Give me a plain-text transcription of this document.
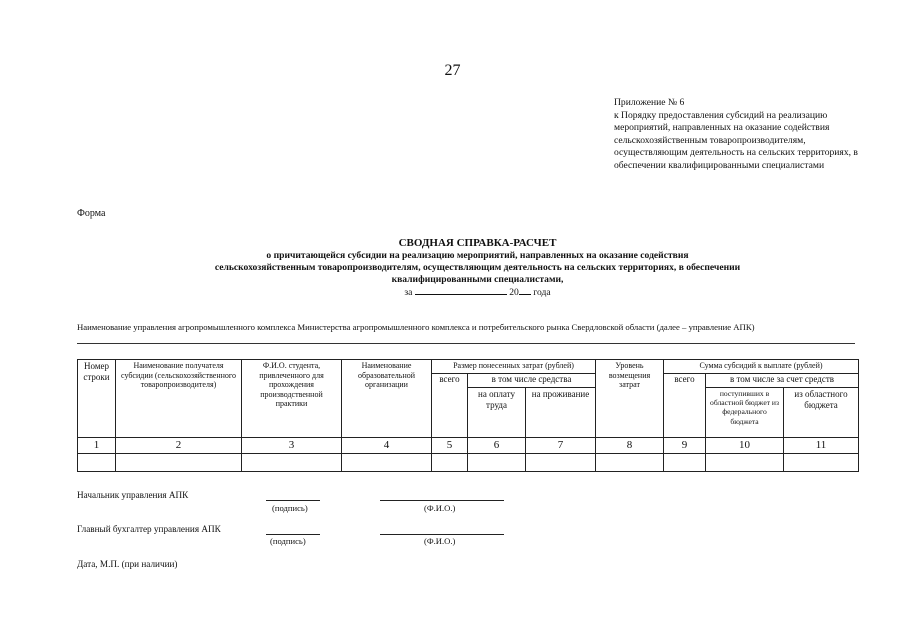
27
Приложение № 6
к Порядку предоставления субсидий на реализацию мероприятий, направленных на оказание содействия сельскохозяйственным товаропроизводителям, осуществляющим деятельность на сельских территориях, в обеспечении квалифицированными специалистами
Форма
СВОДНАЯ СПРАВКА-РАСЧЕТ
о причитающейся субсидии на реализацию мероприятий, направленных на оказание содействия
сельскохозяйственным товаропроизводителям, осуществляющим деятельность на сельских территориях, в обеспечении
квалифицированными специалистами,
за	20 года
Наименование управления агропромышленного комплекса Министерства агропромышленного комплекса и потребительского рынка Свердловской области (далее – управление АПК)
Номер строки	Наименование получателя субсидии (сельскохозяйственного товаропроизводителя)	Ф.И.О. студента, привлеченного для прохождения производственной практики	Наименование образовательной организации	Размер понесенных затрат (рублей)			Уровень возмещения затрат	Сумма субсидий к выплате (рублей)		
				всего	в том числе средства			всего	в том числе за счет средств	
					на оплату труда	на проживание			поступивших в областной бюджет из федерального бюджета	из областного бюджета
1	2	3	4	5	6	7	8	9	10	11

Начальник управления АПК
(подпись)	(Ф.И.О.)
Главный бухгалтер управления АПК
(подпись)	(Ф.И.О.)
Дата, М.П. (при наличии)
